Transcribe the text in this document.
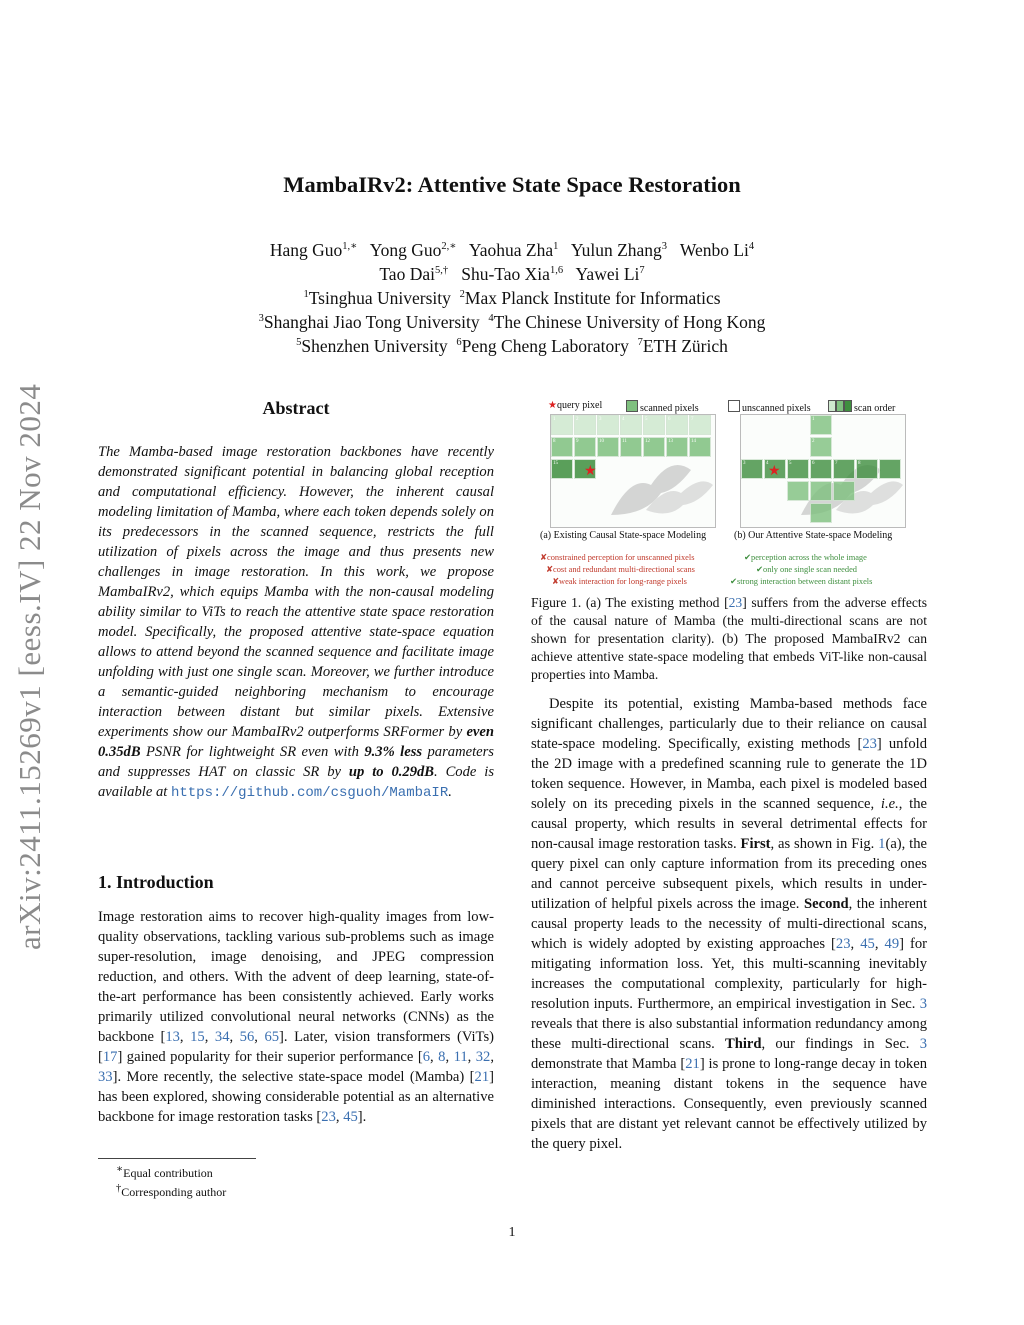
arXiv:2411.15269v1 [eess.IV] 22 Nov 2024
MambaIRv2: Attentive State Space Restoration
Hang Guo$^{1,∗}$ Yong Guo$^{2,∗}$ Yaohua Zha$^1$ Yulun Zhang$^3$ Wenbo Li$^4$
Tao Dai$^{5,\dagger}$ Shu-Tao Xia$^{1,6}$ Yawei Li$^7$
$^1$Tsinghua University $^2$Max Planck Institute for Informatics
$^3$Shanghai Jiao Tong University $^4$The Chinese University of Hong Kong
$^5$Shenzhen University $^6$Peng Cheng Laboratory $^7$ETH Zürich
Abstract
The Mamba-based image restoration backbones have recently demonstrated significant potential in balancing global reception and computational efficiency. However, the inherent causal modeling limitation of Mamba, where each token depends solely on its predecessors in the scanned sequence, restricts the full utilization of pixels across the image and thus presents new challenges in image restoration. In this work, we propose MambaIRv2, which equips Mamba with the non-causal modeling ability similar to ViTs to reach the attentive state space restoration model. Specifically, the proposed attentive state-space equation allows to attend beyond the scanned sequence and facilitate image unfolding with just one single scan. Moreover, we further introduce a semantic-guided neighboring mechanism to encourage interaction between distant but similar pixels. Extensive experiments show our MambaIRv2 outperforms SRFormer by even 0.35dB PSNR for lightweight SR even with 9.3% less parameters and suppresses HAT on classic SR by up to 0.29dB. Code is available at https://github.com/csguoh/MambaIR.
1. Introduction
Image restoration aims to recover high-quality images from low-quality observations, tackling various sub-problems such as image super-resolution, image denoising, and JPEG compression reduction, and others. With the advent of deep learning, state-of-the-art performance has been consistently achieved. Early works primarily utilized convolutional neural networks (CNNs) as the backbone [13, 15, 34, 56, 65]. Later, vision transformers (ViTs) [17] gained popularity for their superior performance [6, 8, 11, 32, 33]. More recently, the selective state-space model (Mamba) [21] has been explored, showing considerable potential as an alternative backbone for image restoration tasks [23, 45].
∗Equal contribution
†Corresponding author
★query pixel	scanned pixels	unscanned pixels	scan order
1	2	3	4	5	6	7
8	9	10	11	12	13	14
15
★
1
2
3	4	5	6	7	8
★
(a) Existing Causal State-space Modeling	(b) Our Attentive State-space Modeling
✘constrained perception for unscanned pixels
✘cost and redundant multi-directional scans
✘weak interaction for long-range pixels
✔perception across the whole image
✔only one single scan needed
✔strong interaction between distant pixels
Figure 1. (a) The existing method [23] suffers from the adverse effects of the causal nature of Mamba (the multi-directional scans are not shown for presentation clarity). (b) The proposed MambaIRv2 can achieve attentive state-space modeling that embeds ViT-like non-causal properties into Mamba.
Despite its potential, existing Mamba-based methods face significant challenges, particularly due to their reliance on causal state-space modeling. Specifically, existing methods [23] unfold the 2D image with a predefined scanning rule to generate the 1D token sequence. However, in Mamba, each pixel is modeled based solely on its preceding pixels in the scanned sequence, i.e., the causal property, which results in several detrimental effects for non-causal image restoration tasks. First, as shown in Fig. 1(a), the query pixel can only capture information from its preceding ones and cannot perceive subsequent pixels, which results in under-utilization of helpful pixels across the image. Second, the inherent causal property leads to the necessity of multi-directional scans, which is widely adopted by existing approaches [23, 45, 49] for mitigating information loss. Yet, this multi-scanning inevitably increases the computational complexity, particularly for high-resolution inputs. Furthermore, an empirical investigation in Sec. 3 reveals that there is also substantial information redundancy among these multi-directional scans. Third, our findings in Sec. 3 demonstrate that Mamba [21] is prone to long-range decay in token interaction, meaning distant tokens in the sequence have diminished interactions. Consequently, even previously scanned pixels that are distant yet relevant cannot be effectively utilized by the query pixel.
1
